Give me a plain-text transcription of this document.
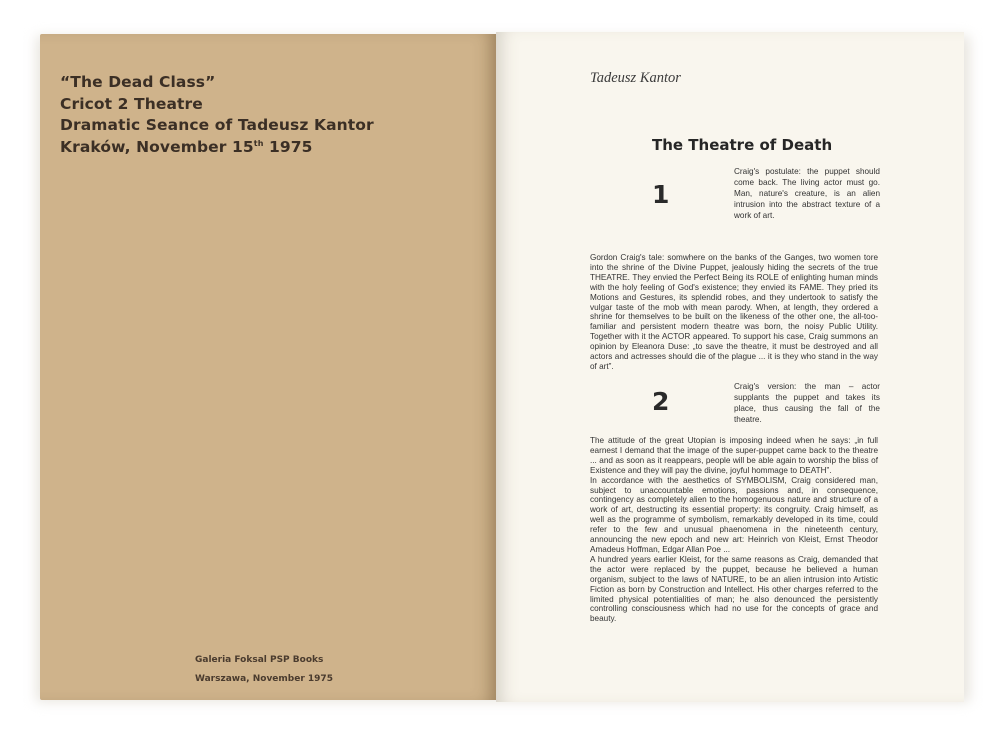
“The Dead Class”
Cricot 2 Theatre
Dramatic Seance of Tadeusz Kantor
Kraków, November 15th 1975
Galeria Foksal PSP Books
Warszawa, November 1975
Tadeusz Kantor
The Theatre of Death
1
Craig's postulate: the puppet should come back. The living actor must go. Man, nature's creature, is an alien intrusion into the abstract texture of a work of art.

Gordon Craig's tale: somwhere on the banks of the Ganges, two women tore into the shrine of the Divine Puppet, jealously hiding the secrets of the true THEATRE. They envied the Perfect Being its ROLE of enlighting human minds with the holy feeling of God's existence; they envied its FAME. They pried its Motions and Gestures, its splendid robes, and they undertook to satisfy the vulgar taste of the mob with mean parody. When, at length, they ordered a shrine for themselves to be built on the likeness of the other one, the all-too-familiar and persistent modern theatre was born, the noisy Public Utility. Together with it the ACTOR appeared. To support his case, Craig summons an opinion by Eleanora Duse: „to save the theatre, it must be destroyed and all actors and actresses should die of the plague ... it is they who stand in the way of art”.

2
Craig's version: the man – actor supplants the puppet and takes its place, thus causing the fall of the theatre.

The attitude of the great Utopian is imposing indeed when he says: „in full earnest I demand that the image of the super-puppet came back to the theatre ... and as soon as it reappears, people will be able again to worship the bliss of Existence and they will pay the divine, joyful hommage to DEATH”.

In accordance with the aesthetics of SYMBOLISM, Craig considered man, subject to unaccountable emotions, passions and, in consequence, contingency as completely alien to the homogenuous nature and structure of a work of art, destructing its essential property: its congruity. Craig himself, as well as the programme of symbolism, remarkably developed in its time, could refer to the few and unusual phaenomena in the nineteenth century, announcing the new epoch and new art: Heinrich von Kleist, Ernst Theodor Amadeus Hoffman, Edgar Allan Poe ...

A hundred years earlier Kleist, for the same reasons as Craig, demanded that the actor were replaced by the puppet, because he believed a human organism, subject to the laws of NATURE, to be an alien intrusion into Artistic Fiction as born by Construction and Intellect. His other charges referred to the limited physical potentialities of man; he also denounced the persistently controlling consciousness which had no use for the concepts of grace and beauty.
